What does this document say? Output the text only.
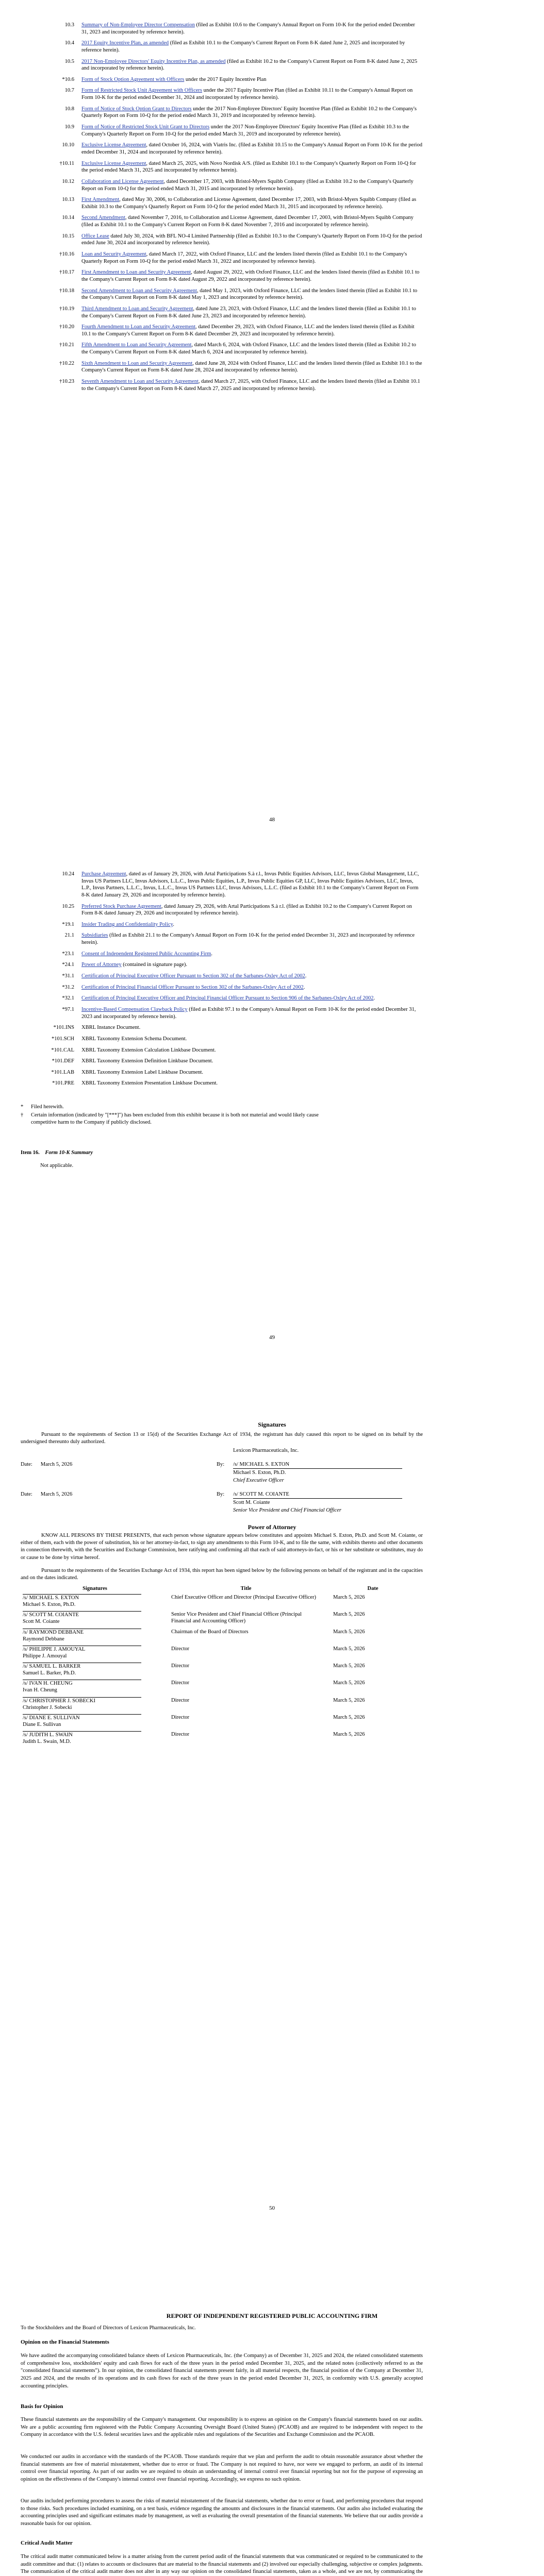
10.3	Summary of Non-Employee Director Compensation (filed as Exhibit 10.6 to the Company's Annual Report on Form 10-K for the period ended December 31, 2023 and incorporated by reference herein).
10.4	2017 Equity Incentive Plan, as amended (filed as Exhibit 10.1 to the Company's Current Report on Form 8-K dated June 2, 2025 and incorporated by reference herein).
10.5	2017 Non-Employee Directors' Equity Incentive Plan, as amended (filed as Exhibit 10.2 to the Company's Current Report on Form 8-K dated June 2, 2025 and incorporated by reference herein).
*10.6	Form of Stock Option Agreement with Officers under the 2017 Equity Incentive Plan
10.7	Form of Restricted Stock Unit Agreement with Officers under the 2017 Equity Incentive Plan (filed as Exhibit 10.11 to the Company's Annual Report on Form 10-K for the period ended December 31, 2024 and incorporated by reference herein).
10.8	Form of Notice of Stock Option Grant to Directors under the 2017 Non-Employee Directors' Equity Incentive Plan (filed as Exhibit 10.2 to the Company's Quarterly Report on Form 10-Q for the period ended March 31, 2019 and incorporated by reference herein).
10.9	Form of Notice of Restricted Stock Unit Grant to Directors under the 2017 Non-Employee Directors' Equity Incentive Plan (filed as Exhibit 10.3 to the Company's Quarterly Report on Form 10-Q for the period ended March 31, 2019 and incorporated by reference herein).
10.10	Exclusive License Agreement, dated October 16, 2024, with Viatris Inc. (filed as Exhibit 10.15 to the Company's Annual Report on Form 10-K for the period ended December 31, 2024 and incorporated by reference herein).
†10.11	Exclusive License Agreement, dated March 25, 2025, with Novo Nordisk A/S. (filed as Exhibit 10.1 to the Company's Quarterly Report on Form 10-Q for the period ended March 31, 2025 and incorporated by reference herein).
10.12	Collaboration and License Agreement, dated December 17, 2003, with Bristol-Myers Squibb Company (filed as Exhibit 10.2 to the Company's Quarterly Report on Form 10-Q for the period ended March 31, 2015 and incorporated by reference herein).
10.13	First Amendment, dated May 30, 2006, to Collaboration and License Agreement, dated December 17, 2003, with Bristol-Myers Squibb Company (filed as Exhibit 10.3 to the Company's Quarterly Report on Form 10-Q for the period ended March 31, 2015 and incorporated by reference herein).
10.14	Second Amendment, dated November 7, 2016, to Collaboration and License Agreement, dated December 17, 2003, with Bristol-Myers Squibb Company (filed as Exhibit 10.1 to the Company's Current Report on Form 8-K dated November 7, 2016 and incorporated by reference herein).
10.15	Office Lease dated July 30, 2024, with BFL NO-4 Limited Partnership (filed as Exhibit 10.3 to the Company's Quarterly Report on Form 10-Q for the period ended June 30, 2024 and incorporated by reference herein).
†10.16	Loan and Security Agreement, dated March 17, 2022, with Oxford Finance, LLC and the lenders listed therein (filed as Exhibit 10.1 to the Company's Quarterly Report on Form 10-Q for the period ended March 31, 2022 and incorporated by reference herein).
†10.17	First Amendment to Loan and Security Agreement, dated August 29, 2022, with Oxford Finance, LLC and the lenders listed therein (filed as Exhibit 10.1 to the Company's Current Report on Form 8-K dated August 29, 2022 and incorporated by reference herein).
†10.18	Second Amendment to Loan and Security Agreement, dated May 1, 2023, with Oxford Finance, LLC and the lenders listed therein (filed as Exhibit 10.1 to the Company's Current Report on Form 8-K dated May 1, 2023 and incorporated by reference herein).
†10.19	Third Amendment to Loan and Security Agreement, dated June 23, 2023, with Oxford Finance, LLC and the lenders listed therein (filed as Exhibit 10.1 to the Company's Current Report on Form 8-K dated June 23, 2023 and incorporated by reference herein).
†10.20	Fourth Amendment to Loan and Security Agreement, dated December 29, 2023, with Oxford Finance, LLC and the lenders listed therein (filed as Exhibit 10.1 to the Company's Current Report on Form 8-K dated December 29, 2023 and incorporated by reference herein).
†10.21	Fifth Amendment to Loan and Security Agreement, dated March 6, 2024, with Oxford Finance, LLC and the lenders listed therein (filed as Exhibit 10.2 to the Company's Current Report on Form 8-K dated March 6, 2024 and incorporated by reference herein).
†10.22	Sixth Amendment to Loan and Security Agreement, dated June 28, 2024 with Oxford Finance, LLC and the lenders listed therein (filed as Exhibit 10.1 to the Company's Current Report on Form 8-K dated June 28, 2024 and incorporated by reference herein).
†10.23	Seventh Amendment to Loan and Security Agreement, dated March 27, 2025, with Oxford Finance, LLC and the lenders listed therein (filed as Exhibit 10.1 to the Company's Current Report on Form 8-K dated March 27, 2025 and incorporated by reference herein).
48
10.24	Purchase Agreement, dated as of January 29, 2026, with Artal Participations S.à r.l., Invus Public Equities Advisors, LLC, Invus Global Management, LLC, Invus US Partners LLC, Invus Advisors, L.L.C., Invus Public Equities, L.P., Invus Public Equities GP, LLC, Invus Public Equities Advisors, LLC, Invus, L.P., Invus Partners, L.L.C., Invus, L.L.C., Invus US Partners LLC, Invus Advisors, L.L.C. (filed as Exhibit 10.1 to the Company's Current Report on Form 8-K dated January 29, 2026 and incorporated by reference herein).
10.25	Preferred Stock Purchase Agreement, dated January 29, 2026, with Artal Participations S.à r.l. (filed as Exhibit 10.2 to the Company's Current Report on Form 8-K dated January 29, 2026 and incorporated by reference herein).
*19.1	Insider Trading and Confidentiality Policy.
21.1	Subsidiaries (filed as Exhibit 21.1 to the Company's Annual Report on Form 10-K for the period ended December 31, 2023 and incorporated by reference herein).
*23.1	Consent of Independent Registered Public Accounting Firm.
*24.1	Power of Attorney (contained in signature page).
*31.1	Certification of Principal Executive Officer Pursuant to Section 302 of the Sarbanes-Oxley Act of 2002.
*31.2	Certification of Principal Financial Officer Pursuant to Section 302 of the Sarbanes-Oxley Act of 2002.
*32.1	Certification of Principal Executive Officer and Principal Financial Officer Pursuant to Section 906 of the Sarbanes-Oxley Act of 2002.
*97.1	Incentive-Based Compensation Clawback Policy (filed as Exhibit 97.1 to the Company's Annual Report on Form 10-K for the period ended December 31, 2023 and incorporated by reference herein).
*101.INS	XBRL Instance Document.
*101.SCH	XBRL Taxonomy Extension Schema Document.
*101.CAL	XBRL Taxonomy Extension Calculation Linkbase Document.
*101.DEF	XBRL Taxonomy Extension Definition Linkbase Document.
*101.LAB	XBRL Taxonomy Extension Label Linkbase Document.
*101.PRE	XBRL Taxonomy Extension Presentation Linkbase Document.
*	Filed herewith.
†	Certain information (indicated by "[***]") has been excluded from this exhibit because it is both not material and would likely cause competitive harm to the Company if publicly disclosed.
Item 16. Form 10-K Summary
Not applicable.
49
Signatures
Pursuant to the requirements of Section 13 or 15(d) of the Securities Exchange Act of 1934, the registrant has duly caused this report to be signed on its behalf by the undersigned thereunto duly authorized.
Lexicon Pharmaceuticals, Inc.
Date: March 5, 2026	By:	/s/ MICHAEL S. EXTON
Michael S. Exton, Ph.D.
Chief Executive Officer
Date: March 5, 2026	By:	/s/ SCOTT M. COIANTE
Scott M. Coiante
Senior Vice President and Chief Financial Officer
Power of Attorney
KNOW ALL PERSONS BY THESE PRESENTS, that each person whose signature appears below constitutes and appoints Michael S. Exton, Ph.D. and Scott M. Coiante, or either of them, each with the power of substitution, his or her attorney-in-fact, to sign any amendments to this Form 10-K, and to file the same, with exhibits thereto and other documents in connection therewith, with the Securities and Exchange Commission, here ratifying and confirming all that each of said attorneys-in-fact, or his or her substitute or substitutes, may do or cause to be done by virtue hereof.
Pursuant to the requirements of the Securities Exchange Act of 1934, this report has been signed below by the following persons on behalf of the registrant and in the capacities and on the dates indicated.
Signatures	Title	Date
/s/ MICHAEL S. EXTON
Michael S. Exton, Ph.D.	Chief Executive Officer and Director (Principal Executive Officer)	March 5, 2026
/s/ SCOTT M. COIANTE
Scott M. Coiante	Senior Vice President and Chief Financial Officer (Principal Financial and Accounting Officer)	March 5, 2026
/s/ RAYMOND DEBBANE
Raymond Debbane	Chairman of the Board of Directors	March 5, 2026
/s/ PHILIPPE J. AMOUYAL
Philippe J. Amouyal	Director	March 5, 2026
/s/ SAMUEL L. BARKER
Samuel L. Barker, Ph.D.	Director	March 5, 2026
/s/ IVAN H. CHEUNG
Ivan H. Cheung	Director	March 5, 2026
/s/ CHRISTOPHER J. SOBECKI
Christopher J. Sobecki	Director	March 5, 2026
/s/ DIANE E. SULLIVAN
Diane E. Sullivan	Director	March 5, 2026
/s/ JUDITH L. SWAIN
Judith L. Swain, M.D.	Director	March 5, 2026
50
REPORT OF INDEPENDENT REGISTERED PUBLIC ACCOUNTING FIRM
To the Stockholders and the Board of Directors of Lexicon Pharmaceuticals, Inc.
Opinion on the Financial Statements
We have audited the accompanying consolidated balance sheets of Lexicon Pharmaceuticals, Inc. (the Company) as of December 31, 2025 and 2024, the related consolidated statements of comprehensive loss, stockholders' equity and cash flows for each of the three years in the period ended December 31, 2025, and the related notes (collectively referred to as the "consolidated financial statements"). In our opinion, the consolidated financial statements present fairly, in all material respects, the financial position of the Company at December 31, 2025 and 2024, and the results of its operations and its cash flows for each of the three years in the period ended December 31, 2025, in conformity with U.S. generally accepted accounting principles.
Basis for Opinion
These financial statements are the responsibility of the Company's management. Our responsibility is to express an opinion on the Company's financial statements based on our audits. We are a public accounting firm registered with the Public Company Accounting Oversight Board (United States) (PCAOB) and are required to be independent with respect to the Company in accordance with the U.S. federal securities laws and the applicable rules and regulations of the Securities and Exchange Commission and the PCAOB.
We conducted our audits in accordance with the standards of the PCAOB. Those standards require that we plan and perform the audit to obtain reasonable assurance about whether the financial statements are free of material misstatement, whether due to error or fraud. The Company is not required to have, nor were we engaged to perform, an audit of its internal control over financial reporting. As part of our audits we are required to obtain an understanding of internal control over financial reporting but not for the purpose of expressing an opinion on the effectiveness of the Company's internal control over financial reporting. Accordingly, we express no such opinion.
Our audits included performing procedures to assess the risks of material misstatement of the financial statements, whether due to error or fraud, and performing procedures that respond to those risks. Such procedures included examining, on a test basis, evidence regarding the amounts and disclosures in the financial statements. Our audits also included evaluating the accounting principles used and significant estimates made by management, as well as evaluating the overall presentation of the financial statements. We believe that our audits provide a reasonable basis for our opinion.
Critical Audit Matter
The critical audit matter communicated below is a matter arising from the current period audit of the financial statements that was communicated or required to be communicated to the audit committee and that: (1) relates to accounts or disclosures that are material to the financial statements and (2) involved our especially challenging, subjective or complex judgments. The communication of the critical audit matter does not alter in any way our opinion on the consolidated financial statements, taken as a whole, and we are not, by communicating the
